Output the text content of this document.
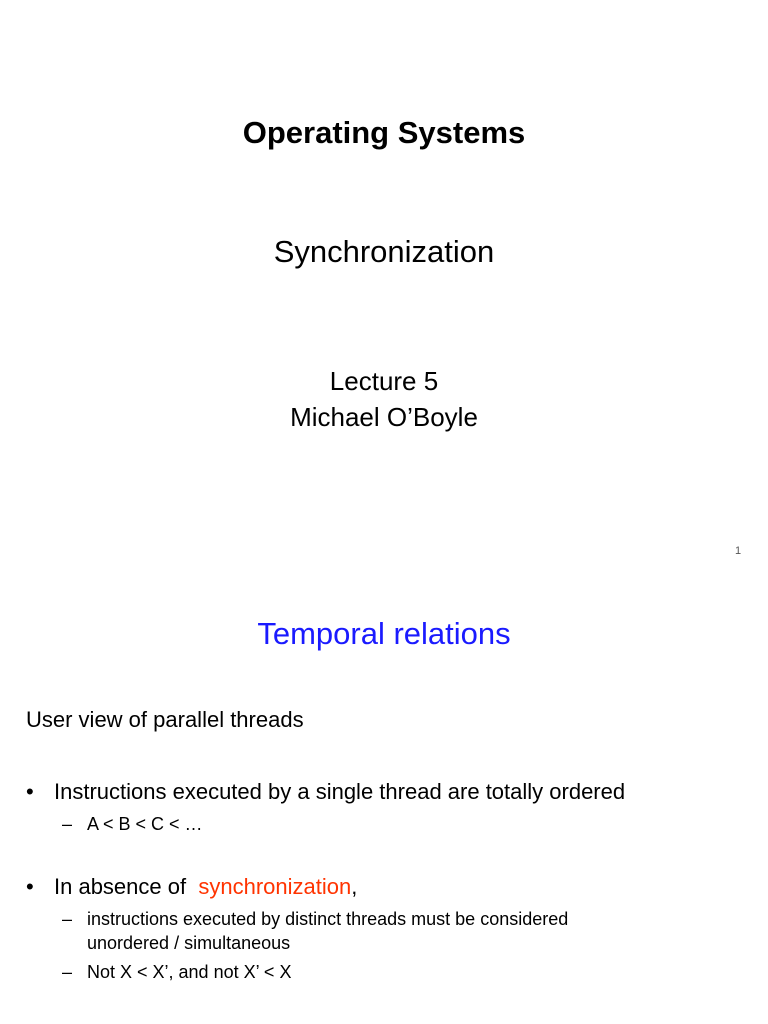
Operating Systems
Synchronization
Lecture 5
Michael O’Boyle
1
Temporal relations
User view of parallel threads
• Instructions executed by a single thread are totally ordered
– A < B < C < …
• In absence of synchronization,
– instructions executed by distinct threads must be considered
unordered / simultaneous
– Not X < X’, and not X’ < X
